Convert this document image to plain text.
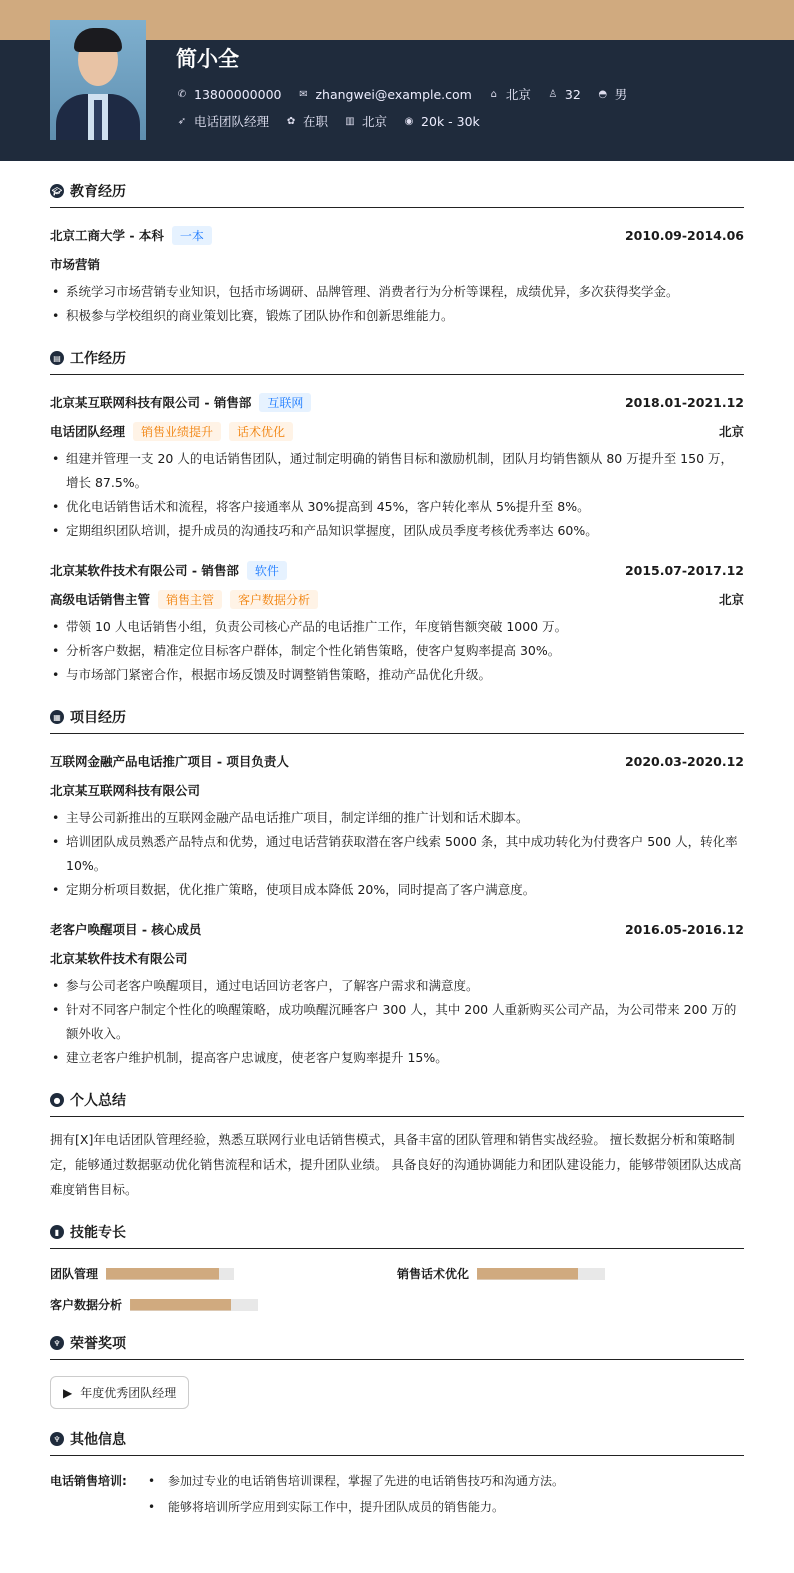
简小全
✆ 13800000000 ✉ zhangwei@example.com ⌂ 北京 ♙ 32 ◓ 男
➶ 电话团队经理 ✿ 在职 ▥ 北京 ◉ 20k - 30k
🎓︎ 教育经历
北京工商大学 - 本科	一本	2010.09-2014.06
市场营销
• 系统学习市场营销专业知识，包括市场调研、品牌管理、消费者行为分析等课程，成绩优异，多次获得奖学金。
• 积极参与学校组织的商业策划比赛，锻炼了团队协作和创新思维能力。
▤ 工作经历
北京某互联网科技有限公司 - 销售部	互联网	2018.01-2021.12
电话团队经理	销售业绩提升	话术优化	北京
• 组建并管理一支 20 人的电话销售团队，通过制定明确的销售目标和激励机制，团队月均销售额从 80 万提升至 150 万，增长 87.5%。
• 优化电话销售话术和流程，将客户接通率从 30%提高到 45%，客户转化率从 5%提升至 8%。
• 定期组织团队培训，提升成员的沟通技巧和产品知识掌握度，团队成员季度考核优秀率达 60%。
北京某软件技术有限公司 - 销售部	软件	2015.07-2017.12
高级电话销售主管	销售主管	客户数据分析	北京
• 带领 10 人电话销售小组，负责公司核心产品的电话推广工作，年度销售额突破 1000 万。
• 分析客户数据，精准定位目标客户群体，制定个性化销售策略，使客户复购率提高 30%。
• 与市场部门紧密合作，根据市场反馈及时调整销售策略，推动产品优化升级。
▦ 项目经历
互联网金融产品电话推广项目 - 项目负责人	2020.03-2020.12
北京某互联网科技有限公司
• 主导公司新推出的互联网金融产品电话推广项目，制定详细的推广计划和话术脚本。
• 培训团队成员熟悉产品特点和优势，通过电话营销获取潜在客户线索 5000 条，其中成功转化为付费客户 500 人，转化率 10%。
• 定期分析项目数据，优化推广策略，使项目成本降低 20%，同时提高了客户满意度。
老客户唤醒项目 - 核心成员	2016.05-2016.12
北京某软件技术有限公司
• 参与公司老客户唤醒项目，通过电话回访老客户，了解客户需求和满意度。
• 针对不同客户制定个性化的唤醒策略，成功唤醒沉睡客户 300 人，其中 200 人重新购买公司产品，为公司带来 200 万的额外收入。
• 建立老客户维护机制，提高客户忠诚度，使老客户复购率提升 15%。
● 个人总结

拥有[X]年电话团队管理经验，熟悉互联网行业电话销售模式，具备丰富的团队管理和销售实战经验。 擅长数据分析和策略制定，能够通过数据驱动优化销售流程和话术，提升团队业绩。 具备良好的沟通协调能力和团队建设能力，能够带领团队达成高难度销售目标。

▮ 技能专长
团队管理	销售话术优化
客户数据分析
♆ 荣誉奖项
▶ 年度优秀团队经理
♆ 其他信息
电话销售培训:	• 参加过专业的电话销售培训课程，掌握了先进的电话销售技巧和沟通方法。
• 能够将培训所学应用到实际工作中，提升团队成员的销售能力。
